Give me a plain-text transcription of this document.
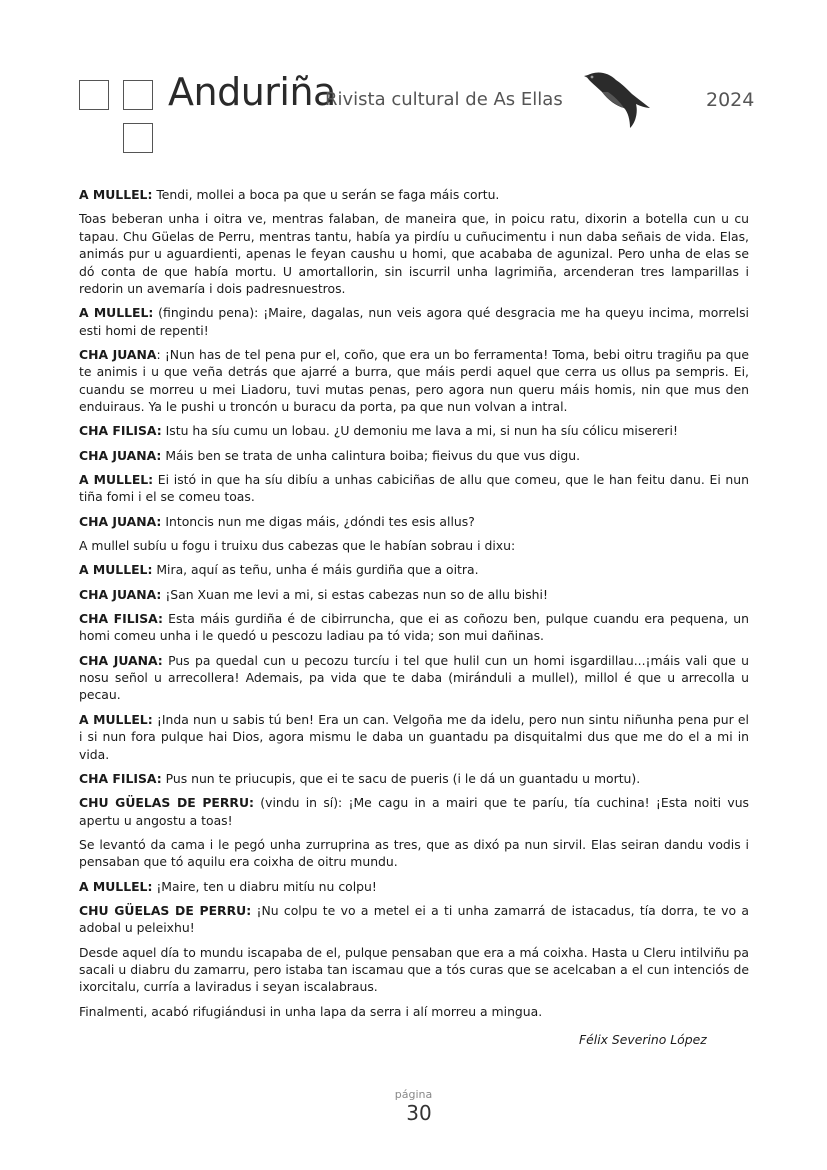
Anduriña
Rivista cultural de As Ellas	2024

A MULLEL: Tendi, mollei a boca pa que u serán se faga máis cortu.

Toas beberan unha i oitra ve, mentras falaban, de maneira que, in poicu ratu, dixorin a botella cun u cu tapau. Chu Güelas de Perru, mentras tantu, había ya pirdíu u cuñucimentu i nun daba señais de vida. Elas, animás pur u aguardienti, apenas le feyan caushu u homi, que acababa de agunizal. Pero unha de elas se dó conta de que había mortu. U amortallorin, sin iscurril unha lagrimiña, arcenderan tres lamparillas i redorin un avemaría i dois padresnuestros.

A MULLEL: (fingindu pena): ¡Maire, dagalas, nun veis agora qué desgracia me ha queyu incima, morrelsi esti homi de repenti!

CHA JUANA: ¡Nun has de tel pena pur el, coño, que era un bo ferramenta! Toma, bebi oitru tragiñu pa que te animis i u que veña detrás que ajarré a burra, que máis perdi aquel que cerra us ollus pa sempris. Ei, cuandu se morreu u mei Liadoru, tuvi mutas penas, pero agora nun queru máis homis, nin que mus den enduiraus. Ya le pushi u troncón u buracu da porta, pa que nun volvan a intral.

CHA FILISA: Istu ha síu cumu un lobau. ¿U demoniu me lava a mi, si nun ha síu cólicu misereri!

CHA JUANA: Máis ben se trata de unha calintura boiba; fieivus du que vus digu.

A MULLEL: Ei istó in que ha síu dibíu a unhas cabiciñas de allu que comeu, que le han feitu danu. Ei nun tiña fomi i el se comeu toas.

CHA JUANA: Intoncis nun me digas máis, ¿dóndi tes esis allus?

A mullel subíu u fogu i truixu dus cabezas que le habían sobrau i dixu:

A MULLEL: Mira, aquí as teñu, unha é máis gurdiña que a oitra.

CHA JUANA: ¡San Xuan me levi a mi, si estas cabezas nun so de allu bishi!

CHA FILISA: Esta máis gurdiña é de cibirruncha, que ei as coñozu ben, pulque cuandu era pequena, un homi comeu unha i le quedó u pescozu ladiau pa tó vida; son mui dañinas.

CHA JUANA: Pus pa quedal cun u pecozu turcíu i tel que hulil cun un homi isgardillau...¡máis vali que u nosu señol u arrecollera! Ademais, pa vida que te daba (miránduli a mullel), millol é que u arrecolla u pecau.

A MULLEL: ¡Inda nun u sabis tú ben! Era un can. Velgoña me da idelu, pero nun sintu niñunha pena pur el i si nun fora pulque hai Dios, agora mismu le daba un guantadu pa disquitalmi dus que me do el a mi in vida.

CHA FILISA: Pus nun te priucupis, que ei te sacu de pueris (i le dá un guantadu u mortu).

CHU GÜELAS DE PERRU: (vindu in sí): ¡Me cagu in a mairi que te paríu, tía cuchina! ¡Esta noiti vus apertu u angostu a toas!

Se levantó da cama i le pegó unha zurruprina as tres, que as dixó pa nun sirvil. Elas seiran dandu vodis i pensaban que tó aquilu era coixha de oitru mundu.

A MULLEL: ¡Maire, ten u diabru mitíu nu colpu!

CHU GÜELAS DE PERRU: ¡Nu colpu te vo a metel ei a ti unha zamarrá de istacadus, tía dorra, te vo a adobal u peleixhu!

Desde aquel día to mundu iscapaba de el, pulque pensaban que era a má coixha. Hasta u Cleru intilviñu pa sacali u diabru du zamarru, pero istaba tan iscamau que a tós curas que se acelcaban a el cun intenciós de ixorcitalu, curría a laviradus i seyan iscalabraus.

Finalmenti, acabó rifugiándusi in unha lapa da serra i alí morreu a mingua.

Félix Severino López
página
30
